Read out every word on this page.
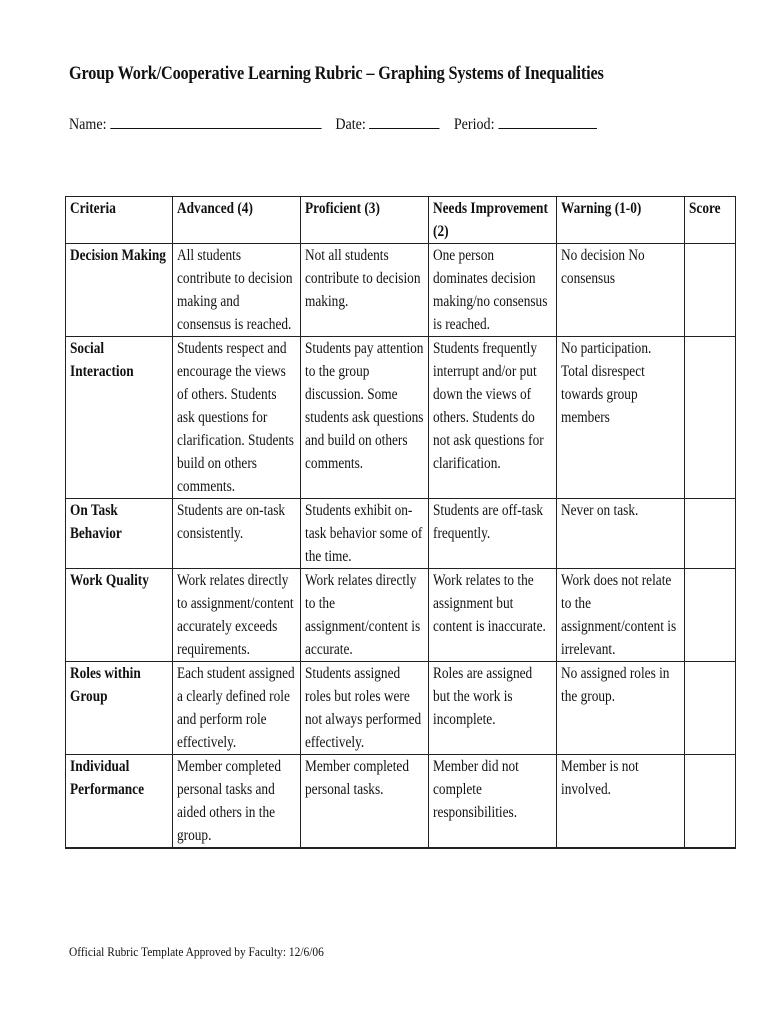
Group Work/Cooperative Learning Rubric – Graphing Systems of Inequalities
Name:	Date:	Period:
Criteria	Advanced (4)	Proficient (3)	Needs Improvement (2)	Warning (1-0)	Score

Decision Making	All students contribute to decision making and consensus is reached.	Not all students contribute to decision making.	One person dominates decision making/no consensus is reached.	No decision No consensus	

Social Interaction	Students respect and encourage the views of others. Students ask questions for clarification. Students build on others comments.	Students pay attention to the group discussion. Some students ask questions and build on others comments.	Students frequently interrupt and/or put down the views of others. Students do not ask questions for clarification.	No participation. Total disrespect towards group members	

On Task Behavior	Students are on-task consistently.	Students exhibit on-task behavior some of the time.	Students are off-task frequently.	Never on task.	

Work Quality	Work relates directly to assignment/content accurately exceeds requirements.	Work relates directly to the assignment/content is accurate.	Work relates to the assignment but content is inaccurate.	Work does not relate to the assignment/content is irrelevant.	

Roles within Group	Each student assigned a clearly defined role and perform role effectively.	Students assigned roles but roles were not always performed effectively.	Roles are assigned but the work is incomplete.	No assigned roles in the group.	

Individual Performance	Member completed personal tasks and aided others in the group.	Member completed personal tasks.	Member did not complete responsibilities.	Member is not involved.	

Official Rubric Template Approved by Faculty: 12/6/06
